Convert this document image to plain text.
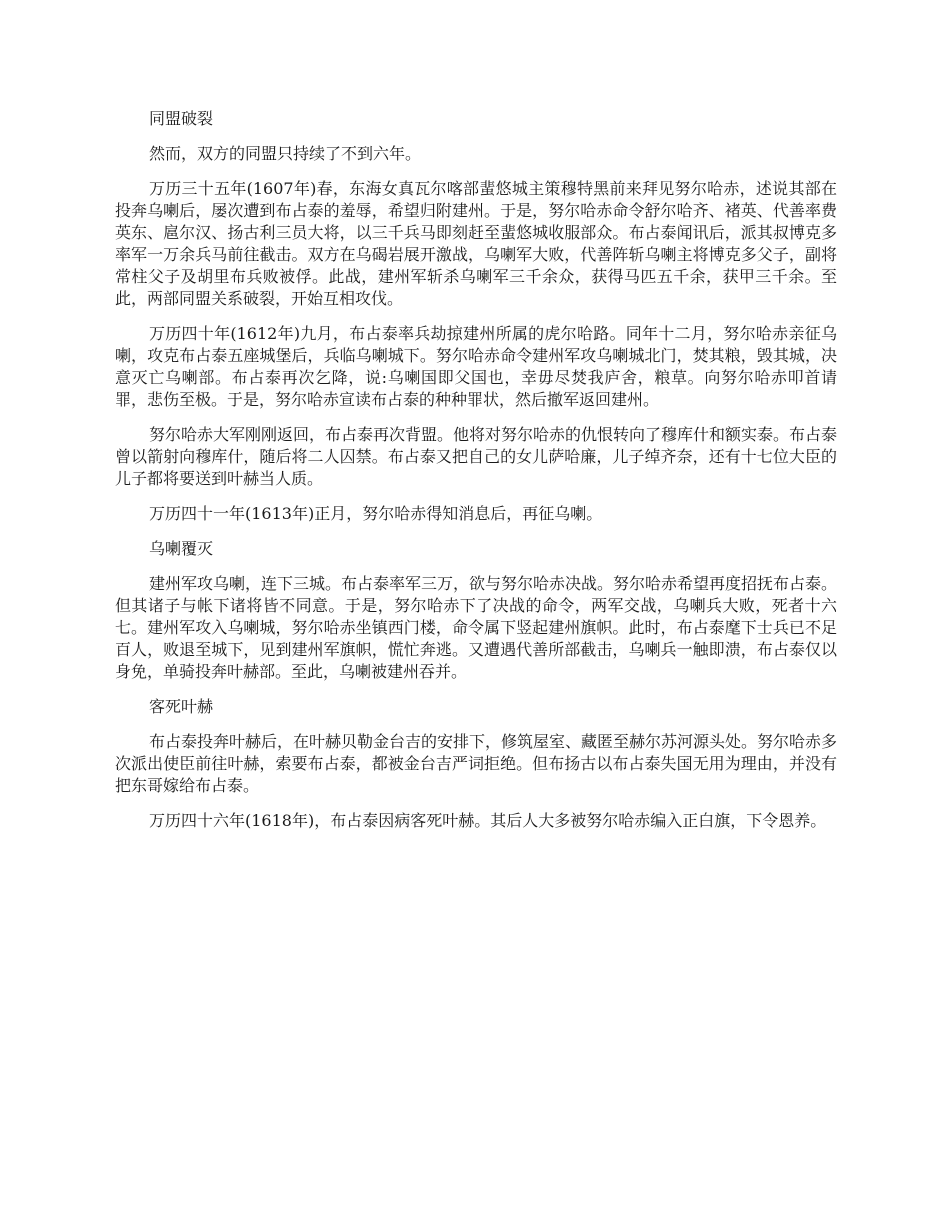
同盟破裂

然而，双方的同盟只持续了不到六年。

万历三十五年(1607年)春，东海女真瓦尔喀部蜚悠城主策穆特黑前来拜见努尔哈赤，述说其部在投奔乌喇后，屡次遭到布占泰的羞辱，希望归附建州。于是，努尔哈赤命令舒尔哈齐、褚英、代善率费英东、扈尔汉、扬古利三员大将，以三千兵马即刻赶至蜚悠城收服部众。布占泰闻讯后，派其叔博克多率军一万余兵马前往截击。双方在乌碣岩展开激战，乌喇军大败，代善阵斩乌喇主将博克多父子，副将常柱父子及胡里布兵败被俘。此战，建州军斩杀乌喇军三千余众，获得马匹五千余，获甲三千余。至此，两部同盟关系破裂，开始互相攻伐。

万历四十年(1612年)九月，布占泰率兵劫掠建州所属的虎尔哈路。同年十二月，努尔哈赤亲征乌喇，攻克布占泰五座城堡后，兵临乌喇城下。努尔哈赤命令建州军攻乌喇城北门，焚其粮，毁其城，决意灭亡乌喇部。布占泰再次乞降，说:乌喇国即父国也，幸毋尽焚我庐舍，粮草。向努尔哈赤叩首请罪，悲伤至极。于是，努尔哈赤宣读布占泰的种种罪状，然后撤军返回建州。

努尔哈赤大军刚刚返回，布占泰再次背盟。他将对努尔哈赤的仇恨转向了穆库什和额实泰。布占泰曾以箭射向穆库什，随后将二人囚禁。布占泰又把自己的女儿萨哈廉，儿子绰齐奈，还有十七位大臣的儿子都将要送到叶赫当人质。

万历四十一年(1613年)正月，努尔哈赤得知消息后，再征乌喇。

乌喇覆灭

建州军攻乌喇，连下三城。布占泰率军三万，欲与努尔哈赤决战。努尔哈赤希望再度招抚布占泰。但其诸子与帐下诸将皆不同意。于是，努尔哈赤下了决战的命令，两军交战，乌喇兵大败，死者十六七。建州军攻入乌喇城，努尔哈赤坐镇西门楼，命令属下竖起建州旗帜。此时，布占泰麾下士兵已不足百人，败退至城下，见到建州军旗帜，慌忙奔逃。又遭遇代善所部截击，乌喇兵一触即溃，布占泰仅以身免，单骑投奔叶赫部。至此，乌喇被建州吞并。

客死叶赫

布占泰投奔叶赫后，在叶赫贝勒金台吉的安排下，修筑屋室、藏匿至赫尔苏河源头处。努尔哈赤多次派出使臣前往叶赫，索要布占泰，都被金台吉严词拒绝。但布扬古以布占泰失国无用为理由，并没有把东哥嫁给布占泰。

万历四十六年(1618年)，布占泰因病客死叶赫。其后人大多被努尔哈赤编入正白旗，下令恩养。
